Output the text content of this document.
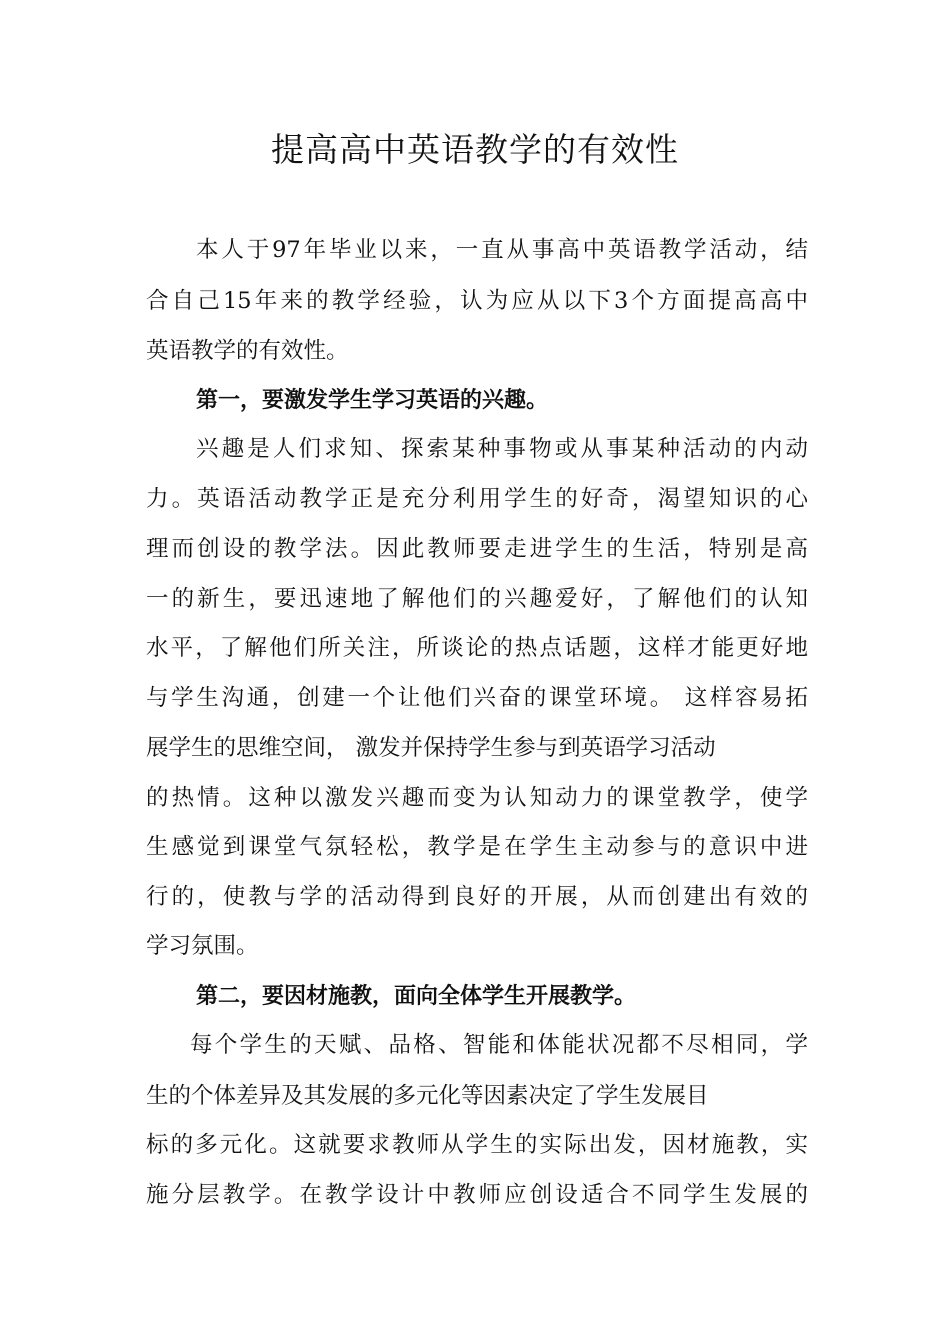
提高高中英语教学的有效性
本人于97年毕业以来，一直从事高中英语教学活动，结
合自己15年来的教学经验，认为应从以下3个方面提高高中
英语教学的有效性。
第一，要激发学生学习英语的兴趣。
兴趣是人们求知、探索某种事物或从事某种活动的内动
力。英语活动教学正是充分利用学生的好奇，渴望知识的心
理而创设的教学法。因此教师要走进学生的生活，特别是高
一的新生，要迅速地了解他们的兴趣爱好，了解他们的认知
水平，了解他们所关注，所谈论的热点话题，这样才能更好地
与学生沟通，创建一个让他们兴奋的课堂环境。 这样容易拓
展学生的思维空间， 激发并保持学生参与到英语学习活动
的热情。这种以激发兴趣而变为认知动力的课堂教学，使学
生感觉到课堂气氛轻松，教学是在学生主动参与的意识中进
行的，使教与学的活动得到良好的开展，从而创建出有效的
学习氛围。
第二，要因材施教，面向全体学生开展教学。
每个学生的天赋、品格、智能和体能状况都不尽相同，学
生的个体差异及其发展的多元化等因素决定了学生发展目
标的多元化。这就要求教师从学生的实际出发，因材施教，实
施分层教学。在教学设计中教师应创设适合不同学生发展的
